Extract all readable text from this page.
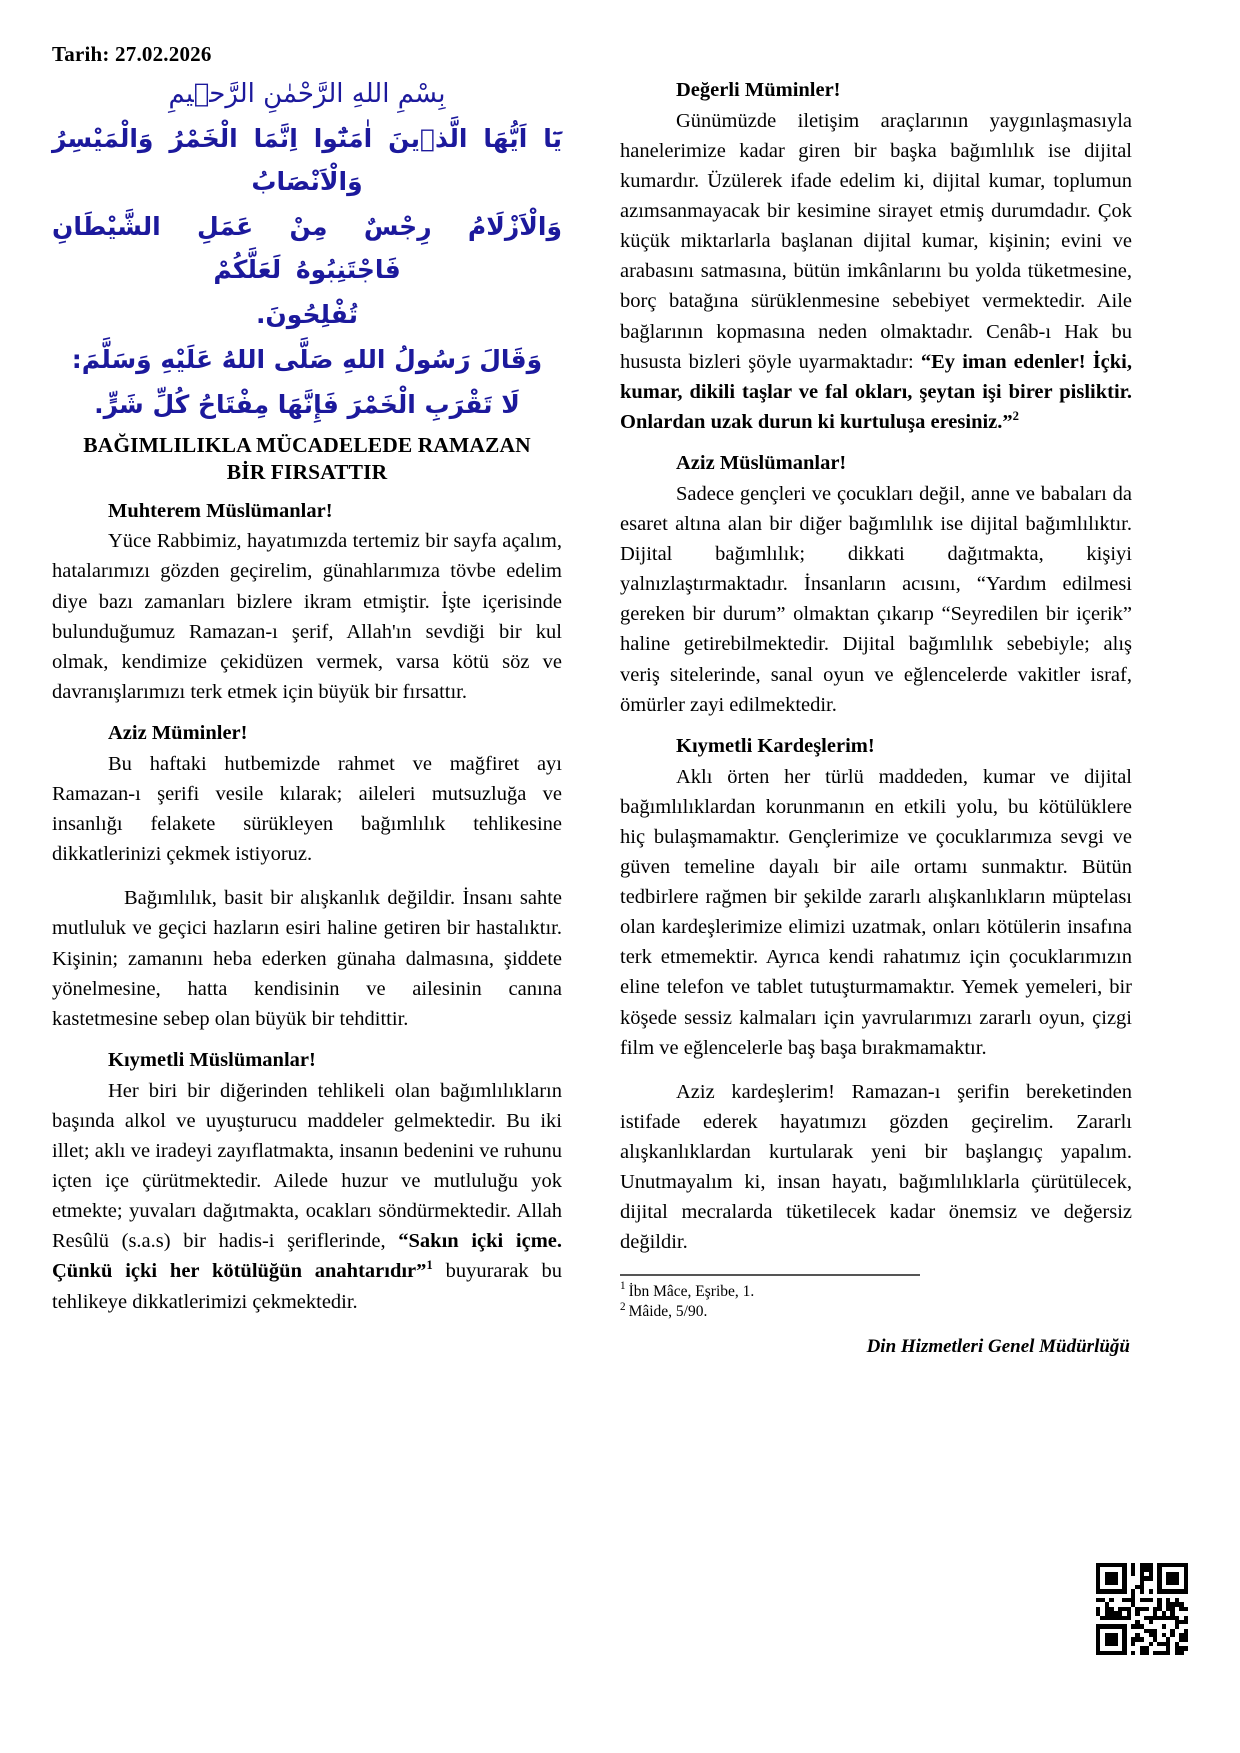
Tarih: 27.02.2026
بِسْمِ اللهِ الرَّحْمٰنِ الرَّح۪يمِ
يَٓا اَيُّهَا الَّذ۪ينَ اٰمَنُٓوا اِنَّمَا الْخَمْرُ وَالْمَيْسِرُ وَالْاَنْصَابُ
وَالْاَزْلَامُ رِجْسٌ مِنْ عَمَلِ الشَّيْطَانِ فَاجْتَنِبُوهُ لَعَلَّكُمْ
تُفْلِحُونَ.
وَقَالَ رَسُولُ اللهِ صَلَّى اللهُ عَلَيْهِ وَسَلَّمَ:
لَا تَقْرَبِ الْخَمْرَ فَإِنَّهَا مِفْتَاحُ كُلِّ شَرٍّ.
BAĞIMLILIKLA MÜCADELEDE RAMAZAN
BİR FIRSATTIR
Muhterem Müslümanlar!

Yüce Rabbimiz, hayatımızda tertemiz bir sayfa açalım, hatalarımızı gözden geçirelim, günahlarımıza tövbe edelim diye bazı zamanları bizlere ikram etmiştir. İşte içerisinde bulunduğumuz Ramazan-ı şerif, Allah'ın sevdiği bir kul olmak, kendimize çekidüzen vermek, varsa kötü söz ve davranışlarımızı terk etmek için büyük bir fırsattır.

Aziz Müminler!

Bu haftaki hutbemizde rahmet ve mağfiret ayı Ramazan-ı şerifi vesile kılarak; aileleri mutsuzluğa ve insanlığı felakete sürükleyen bağımlılık tehlikesine dikkatlerinizi çekmek istiyoruz.

Bağımlılık, basit bir alışkanlık değildir. İnsanı sahte mutluluk ve geçici hazların esiri haline getiren bir hastalıktır. Kişinin; zamanını heba ederken günaha dalmasına, şiddete yönelmesine, hatta kendisinin ve ailesinin canına kastetmesine sebep olan büyük bir tehdittir.

Kıymetli Müslümanlar!

Her biri bir diğerinden tehlikeli olan bağımlılıkların başında alkol ve uyuşturucu maddeler gelmektedir. Bu iki illet; aklı ve iradeyi zayıflatmakta, insanın bedenini ve ruhunu içten içe çürütmektedir. Ailede huzur ve mutluluğu yok etmekte; yuvaları dağıtmakta, ocakları söndürmektedir. Allah Resûlü (s.a.s) bir hadis-i şeriflerinde, “Sakın içki içme. Çünkü içki her kötülüğün anahtarıdır”$^1$ buyurarak bu tehlikeye dikkatlerimizi çekmektedir.

Değerli Müminler!

Günümüzde iletişim araçlarının yaygınlaşmasıyla hanelerimize kadar giren bir başka bağımlılık ise dijital kumardır. Üzülerek ifade edelim ki, dijital kumar, toplumun azımsanmayacak bir kesimine sirayet etmiş durumdadır. Çok küçük miktarlarla başlanan dijital kumar, kişinin; evini ve arabasını satmasına, bütün imkânlarını bu yolda tüketmesine, borç batağına sürüklenmesine sebebiyet vermektedir. Aile bağlarının kopmasına neden olmaktadır. Cenâb-ı Hak bu hususta bizleri şöyle uyarmaktadır: “Ey iman edenler! İçki, kumar, dikili taşlar ve fal okları, şeytan işi birer pisliktir. Onlardan uzak durun ki kurtuluşa eresiniz.”$^2$

Aziz Müslümanlar!

Sadece gençleri ve çocukları değil, anne ve babaları da esaret altına alan bir diğer bağımlılık ise dijital bağımlılıktır. Dijital bağımlılık; dikkati dağıtmakta, kişiyi yalnızlaştırmaktadır. İnsanların acısını, “Yardım edilmesi gereken bir durum” olmaktan çıkarıp “Seyredilen bir içerik” haline getirebilmektedir. Dijital bağımlılık sebebiyle; alış veriş sitelerinde, sanal oyun ve eğlencelerde vakitler israf, ömürler zayi edilmektedir.

Kıymetli Kardeşlerim!

Aklı örten her türlü maddeden, kumar ve dijital bağımlılıklardan korunmanın en etkili yolu, bu kötülüklere hiç bulaşmamaktır. Gençlerimize ve çocuklarımıza sevgi ve güven temeline dayalı bir aile ortamı sunmaktır. Bütün tedbirlere rağmen bir şekilde zararlı alışkanlıkların müptelası olan kardeşlerimize elimizi uzatmak, onları kötülerin insafına terk etmemektir. Ayrıca kendi rahatımız için çocuklarımızın eline telefon ve tablet tutuşturmamaktır. Yemek yemeleri, bir köşede sessiz kalmaları için yavrularımızı zararlı oyun, çizgi film ve eğlencelerle baş başa bırakmamaktır.

Aziz kardeşlerim! Ramazan-ı şerifin bereketinden istifade ederek hayatımızı gözden geçirelim. Zararlı alışkanlıklardan kurtularak yeni bir başlangıç yapalım. Unutmayalım ki, insan hayatı, bağımlılıklarla çürütülecek, dijital mecralarda tüketilecek kadar önemsiz ve değersiz değildir.

$^1$ İbn Mâce, Eşribe, 1.

$^2$ Mâide, 5/90.

Din Hizmetleri Genel Müdürlüğü
